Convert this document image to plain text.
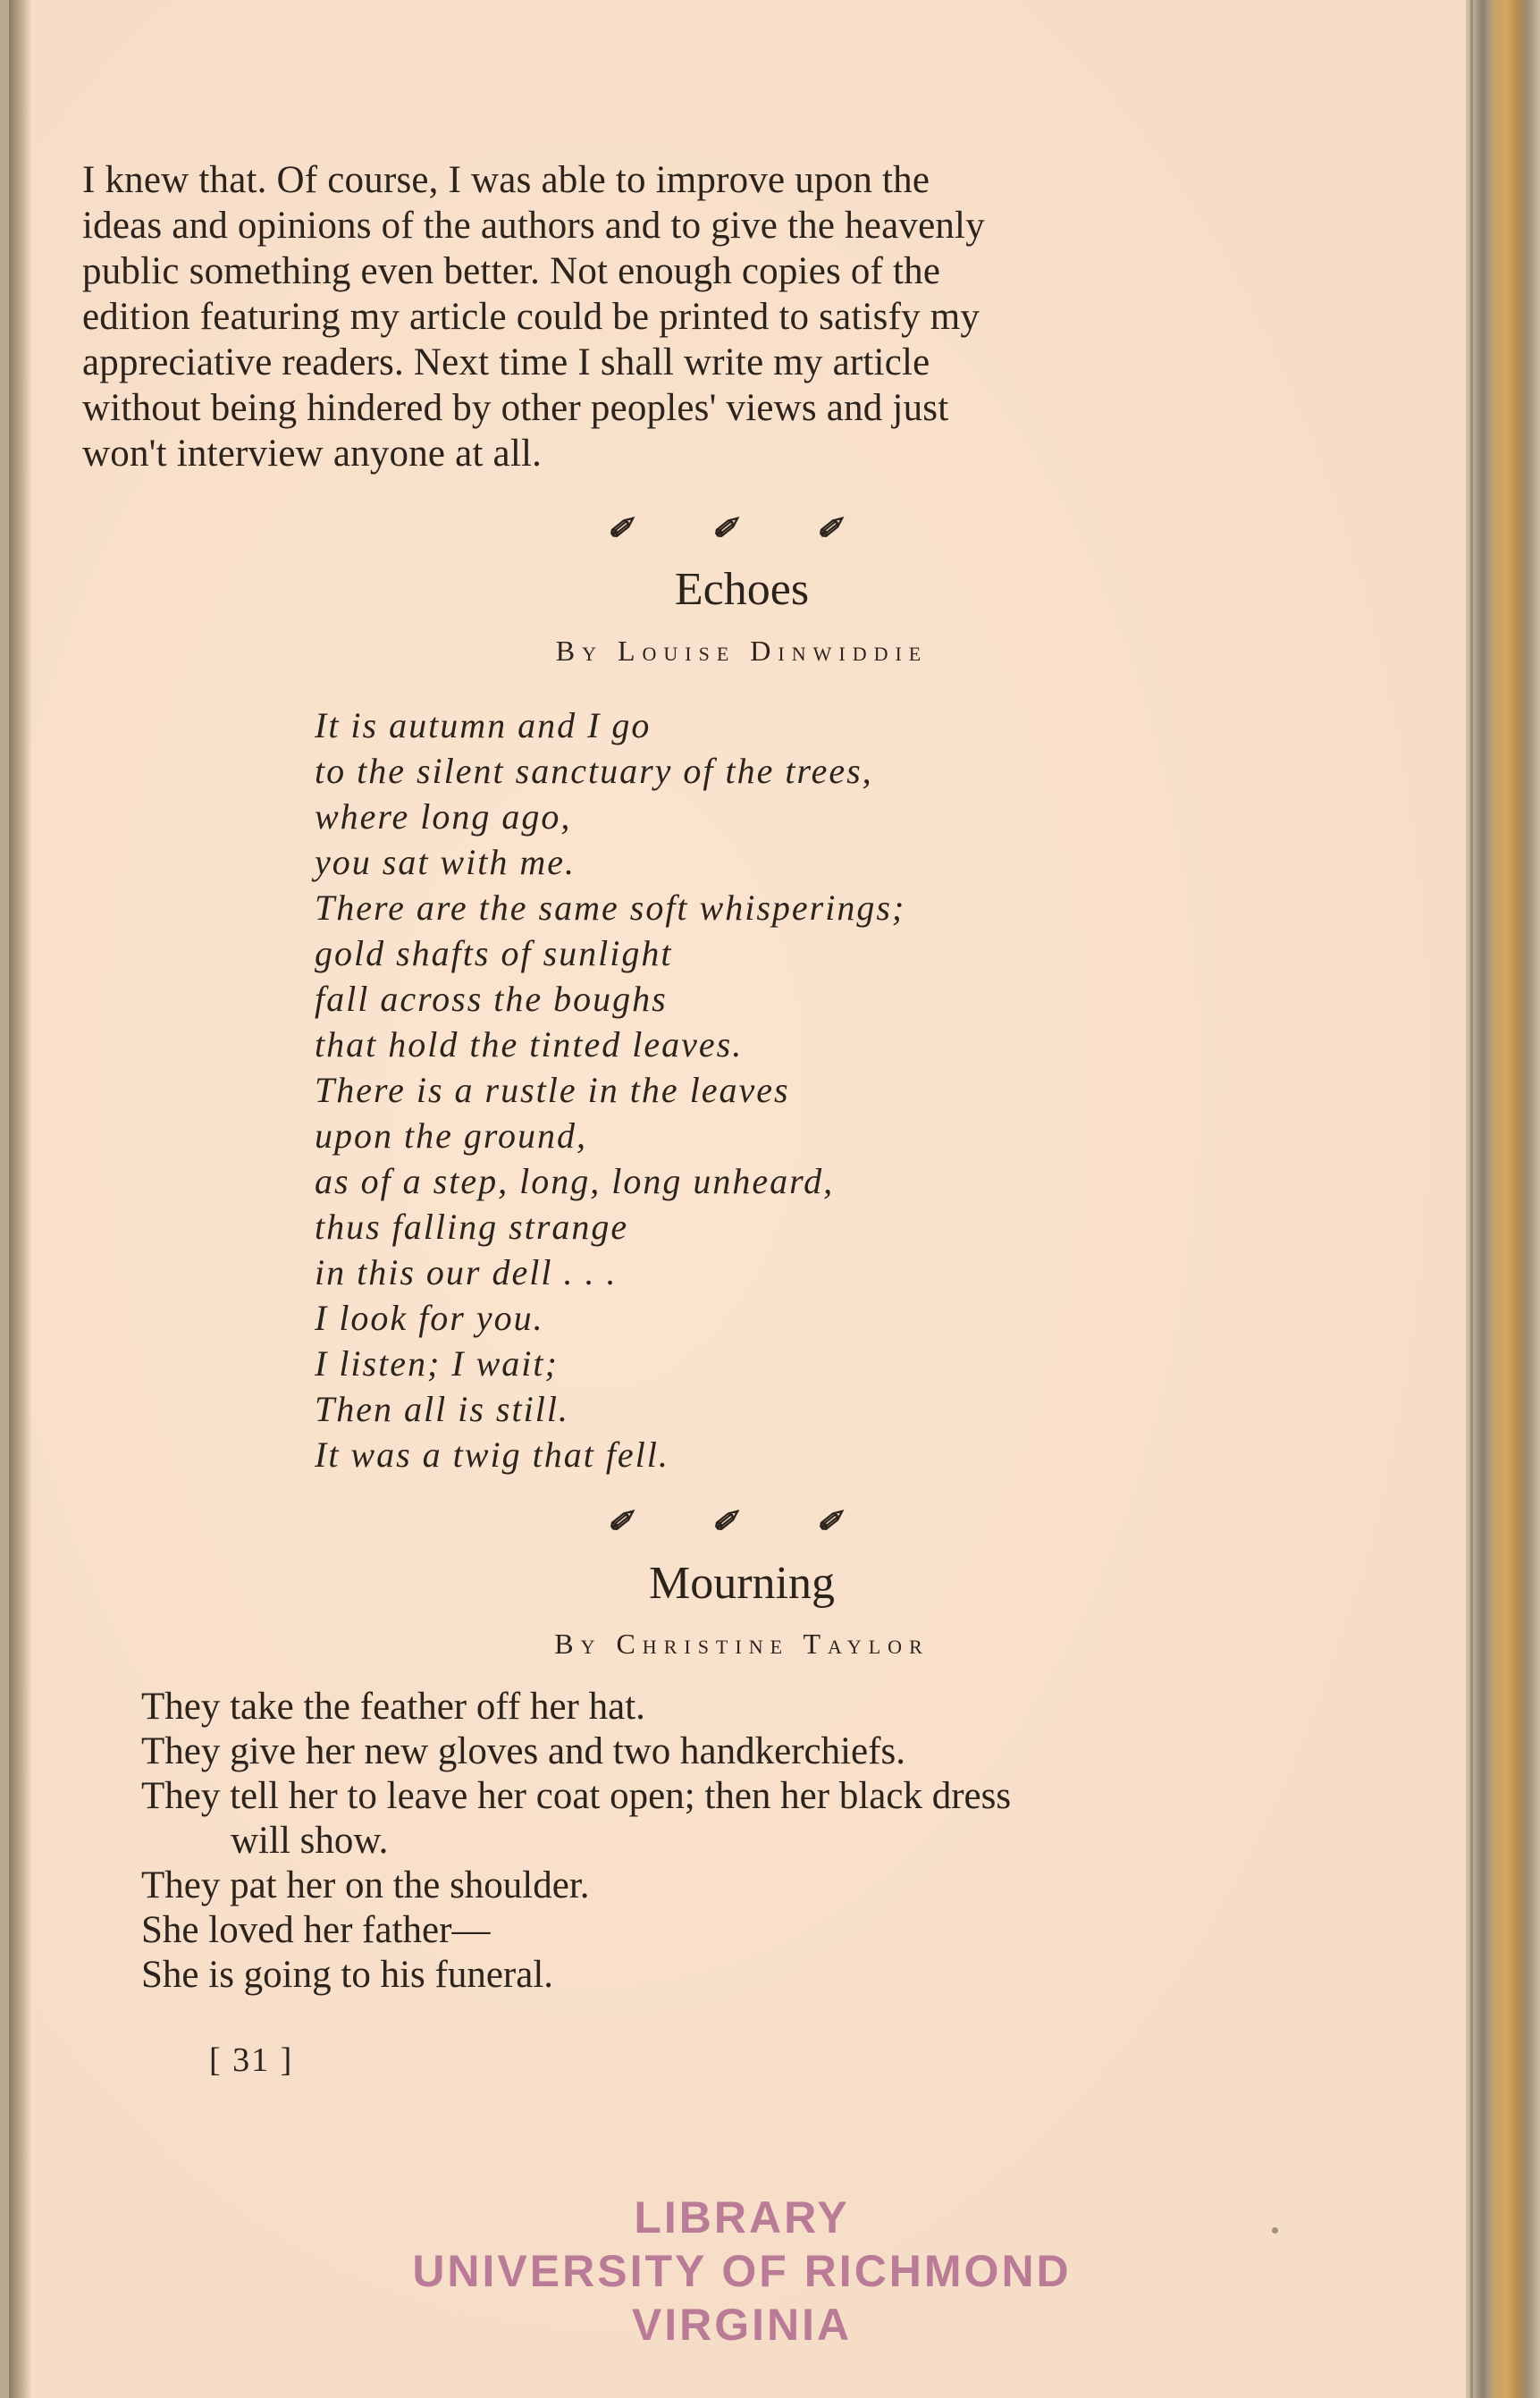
I knew that. Of course, I was able to improve upon the
ideas and opinions of the authors and to give the heavenly
public something even better. Not enough copies of the
edition featuring my article could be printed to satisfy my
appreciative readers. Next time I shall write my article
without being hindered by other peoples' views and just
won't interview anyone at all.
✐ ✐ ✐
Echoes
By Louise Dinwiddie
It is autumn and I go
to the silent sanctuary of the trees,
where long ago,
you sat with me.
There are the same soft whisperings;
gold shafts of sunlight
fall across the boughs
that hold the tinted leaves.
There is a rustle in the leaves
upon the ground,
as of a step, long, long unheard,
thus falling strange
in this our dell . . .
I look for you.
I listen; I wait;
Then all is still.
It was a twig that fell.
✐ ✐ ✐
Mourning
By Christine Taylor
They take the feather off her hat.
They give her new gloves and two handkerchiefs.
They tell her to leave her coat open; then her black dress
will show.
They pat her on the shoulder.
She loved her father—
She is going to his funeral.
[ 31 ]
LIBRARY
UNIVERSITY OF RICHMOND
VIRGINIA
